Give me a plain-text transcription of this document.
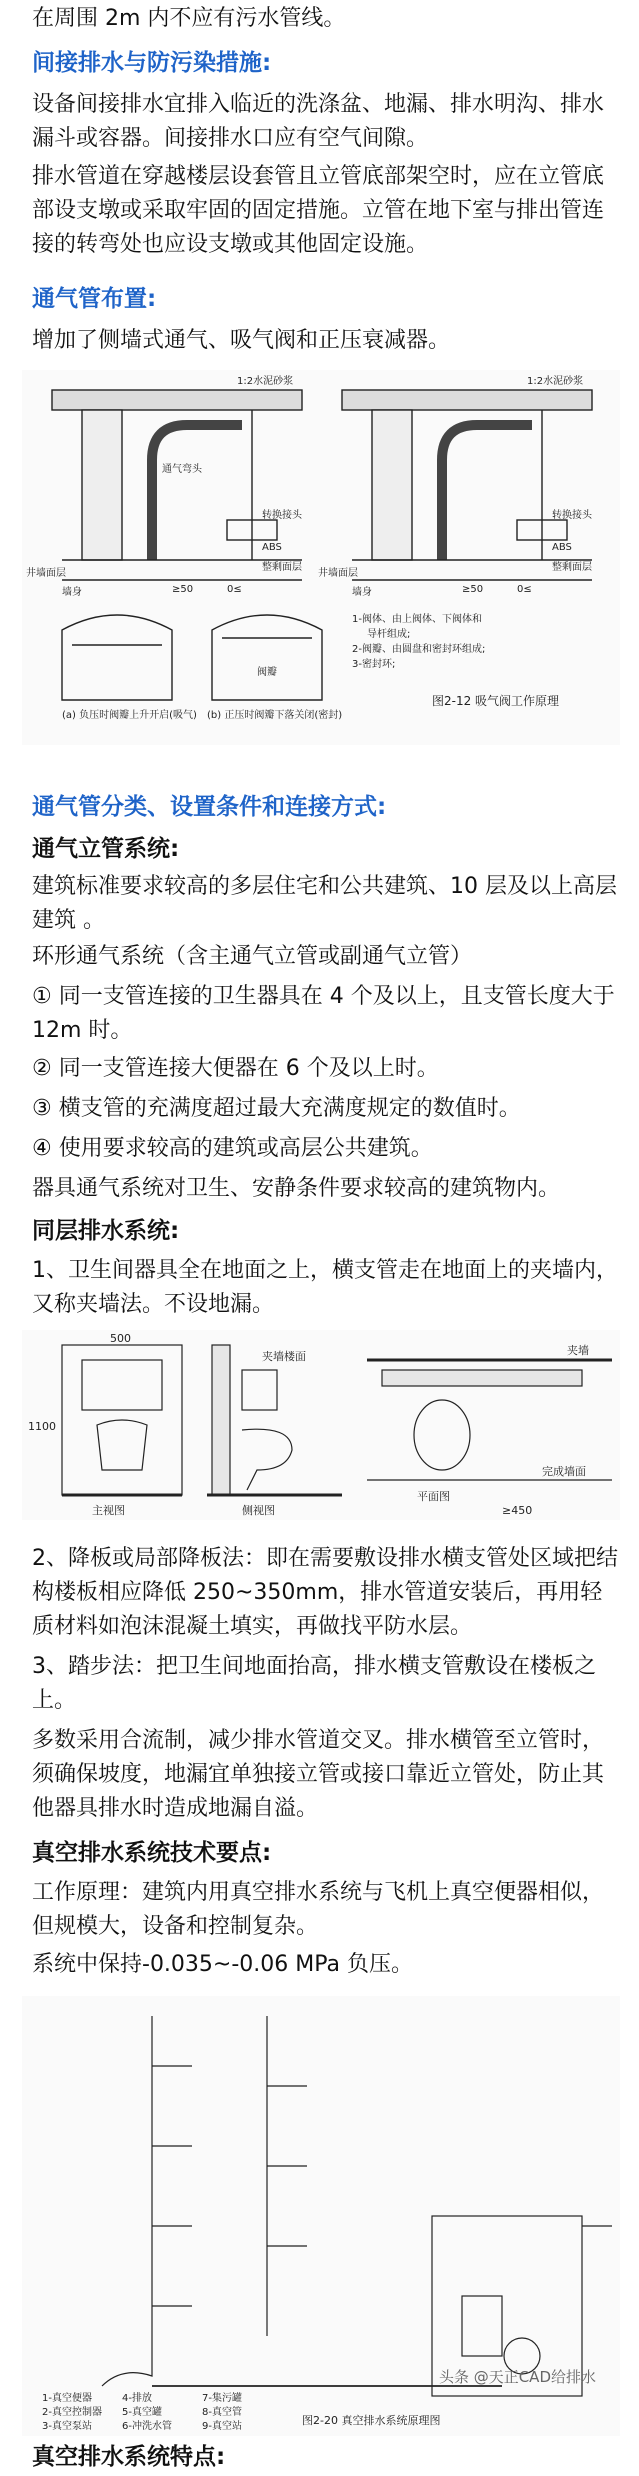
在周围 2m 内不应有污水管线。

间接排水与防污染措施:

设备间接排水宜排入临近的洗涤盆、地漏、排水明沟、排水漏斗或容器。间接排水口应有空气间隙。

排水管道在穿越楼层设套管且立管底部架空时，应在立管底部设支墩或采取牢固的固定措施。立管在地下室与排出管连接的转弯处也应设支墩或其他固定设施。

通气管布置:

增加了侧墙式通气、吸气阀和正压衰减器。

1:2水泥砂浆	1:2水泥砂浆
ABS	ABS
转换接头	转换接头
通气弯头
井墙面层	井墙面层
墙身	墙身
整剩面层	整剩面层
≥50	≥50
0≤	0≤
阀瓣
(a) 负压时阀瓣上升开启(吸气) (b) 正压时阀瓣下落关闭(密封)
1-阀体、由上阀体、下阀体和
导杆组成;
2-阀瓣、由圆盘和密封环组成;
3-密封环;
图2-12 吸气阀工作原理
通气管分类、设置条件和连接方式:
通气立管系统:

建筑标准要求较高的多层住宅和公共建筑、10 层及以上高层建筑 。

环形通气系统（含主通气立管或副通气立管）

① 同一支管连接的卫生器具在 4 个及以上，且支管长度大于 12m 时。

② 同一支管连接大便器在 6 个及以上时。

③ 横支管的充满度超过最大充满度规定的数值时。

④ 使用要求较高的建筑或高层公共建筑。

器具通气系统对卫生、安静条件要求较高的建筑物内。

同层排水系统:

1、卫生间器具全在地面之上，横支管走在地面上的夹墙内，又称夹墙法。不设地漏。

主视图	侧视图
平面图
500
1100
≥450
夹墙
完成墙面
夹墙楼面

2、降板或局部降板法：即在需要敷设排水横支管处区域把结构楼板相应降低 250~350mm，排水管道安装后，再用轻质材料如泡沫混凝土填实，再做找平防水层。

3、踏步法：把卫生间地面抬高，排水横支管敷设在楼板之上。

多数采用合流制，减少排水管道交叉。排水横管至立管时，须确保坡度，地漏宜单独接立管或接口靠近立管处，防止其他器具排水时造成地漏自溢。

真空排水系统技术要点:

工作原理：建筑内用真空排水系统与飞机上真空便器相似，但规模大，设备和控制复杂。

系统中保持-0.035~-0.06 MPa 负压。

1-真空便器
2-真空控制器
3-真空泵站
4-排放
5-真空罐
6-冲洗水管
7-集污罐
8-真空管
9-真空站	图2-20 真空排水系统原理图
头条 @天正CAD给排水
真空排水系统特点:
